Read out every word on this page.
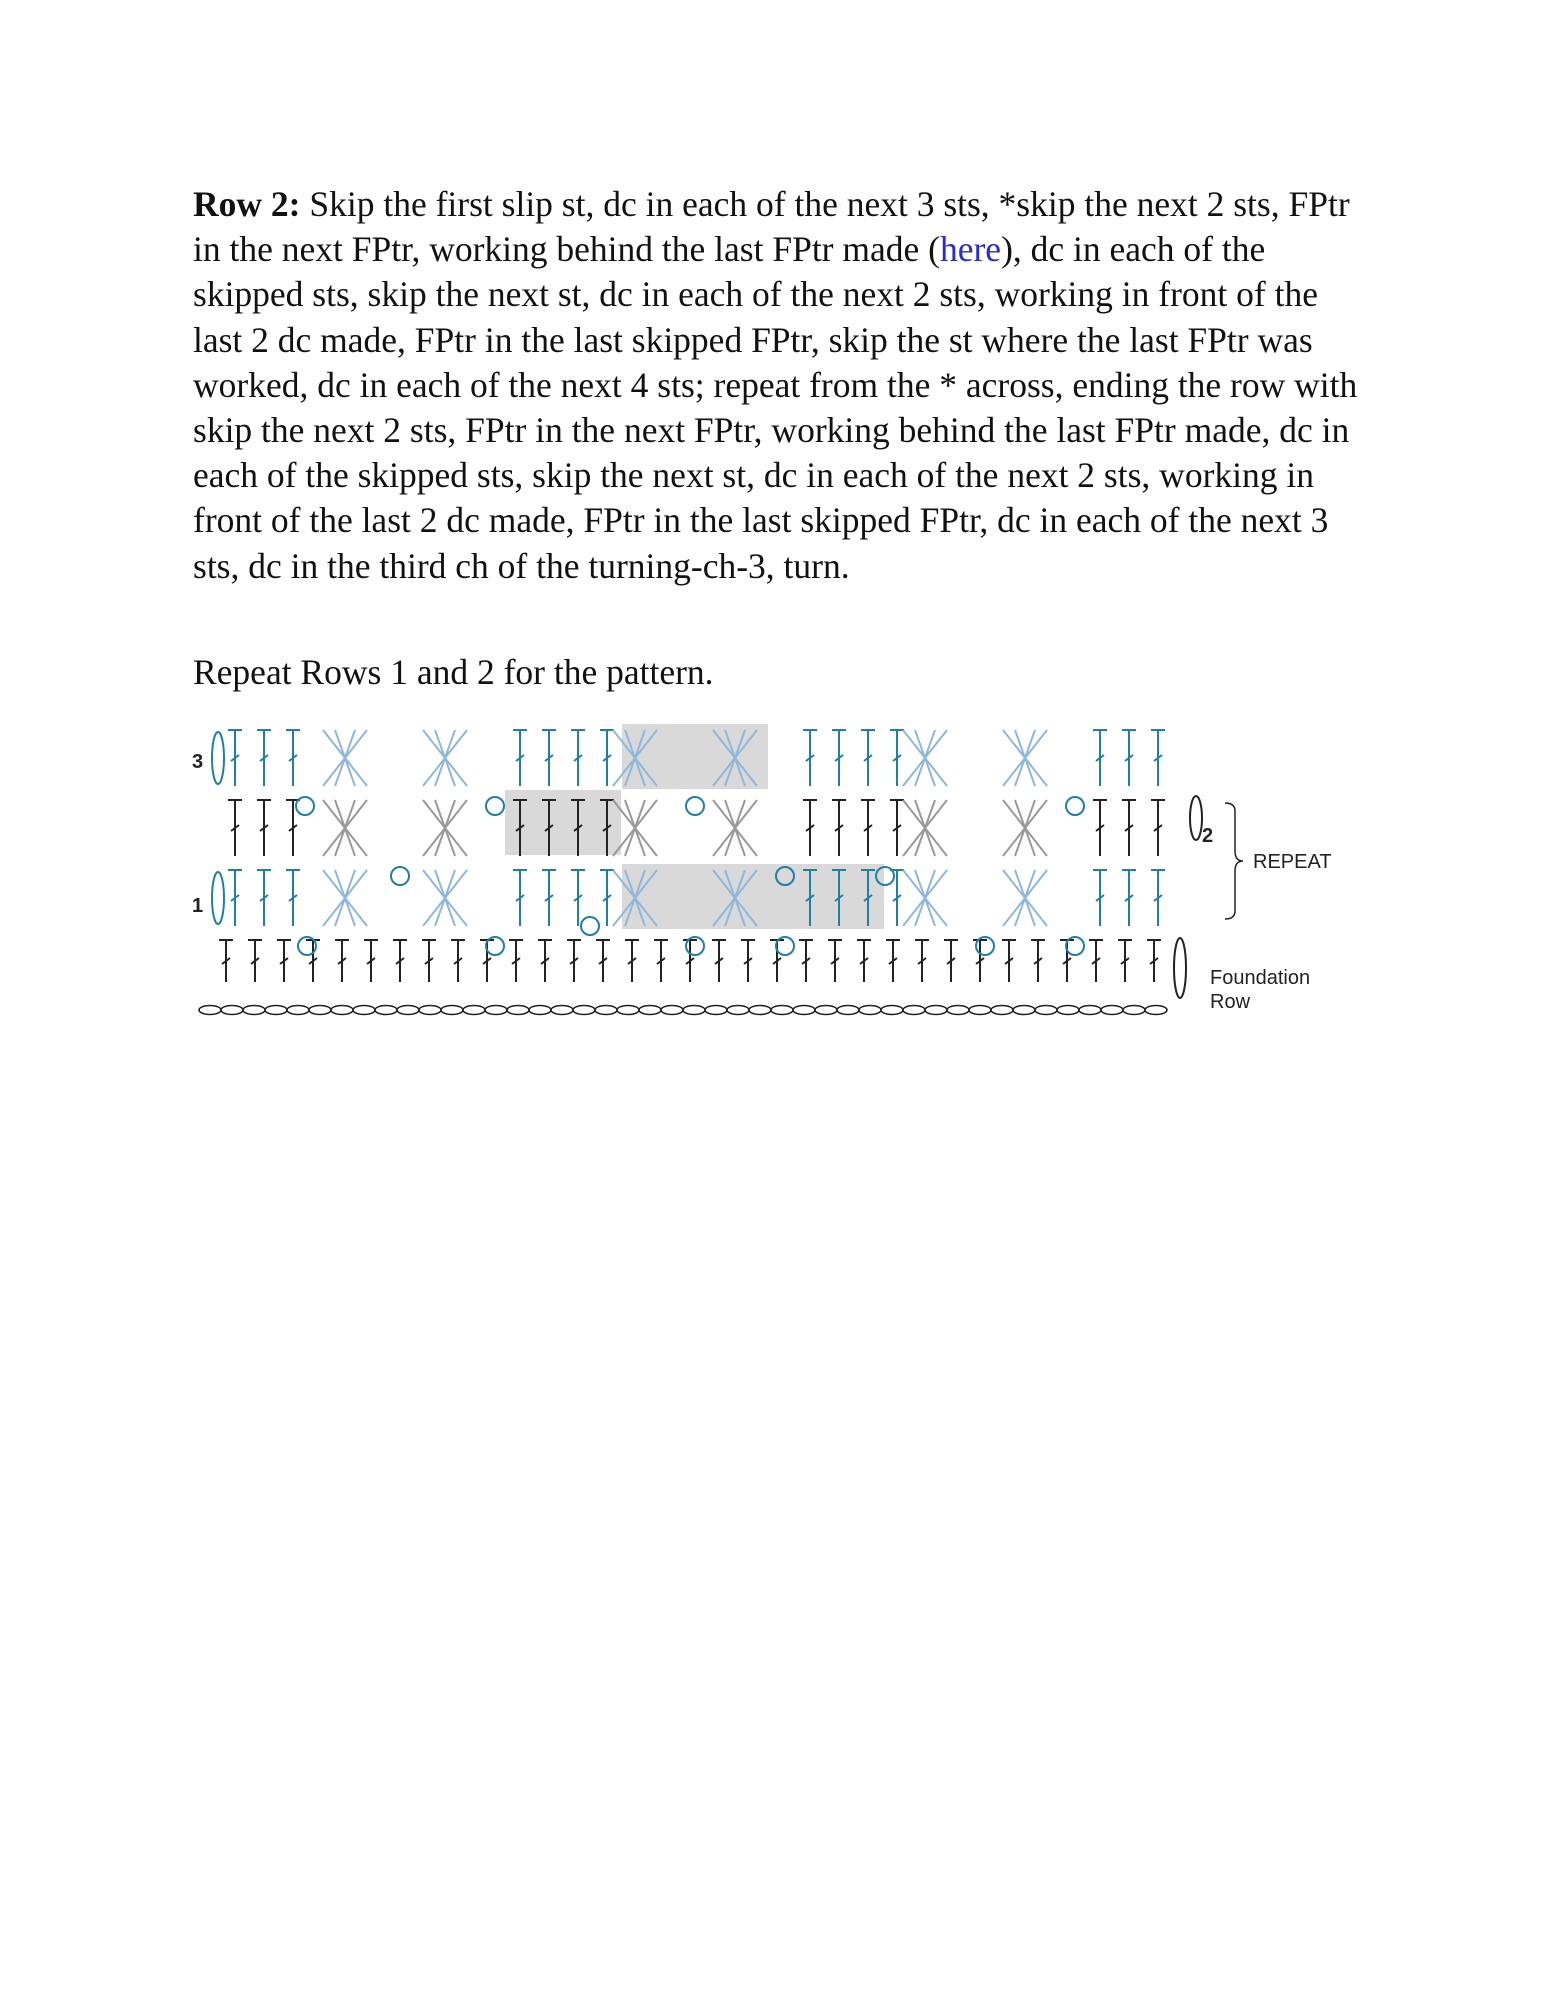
Row 2: Skip the first slip st, dc in each of the next 3 sts, *skip the next 2 sts, FPtr in the next FPtr, working behind the last FPtr made (here), dc in each of the skipped sts, skip the next st, dc in each of the next 2 sts, working in front of the last 2 dc made, FPtr in the last skipped FPtr, skip the st where the last FPtr was worked, dc in each of the next 4 sts; repeat from the * across, ending the row with skip the next 2 sts, FPtr in the next FPtr, working behind the last FPtr made, dc in each of the skipped sts, skip the next st, dc in each of the next 2 sts, working in front of the last 2 dc made, FPtr in the last skipped FPtr, dc in each of the next 3 sts, dc in the third ch of the turning-ch-3, turn.

Repeat Rows 1 and 2 for the pattern.

3
1
2
REPEAT
Foundation
Row
